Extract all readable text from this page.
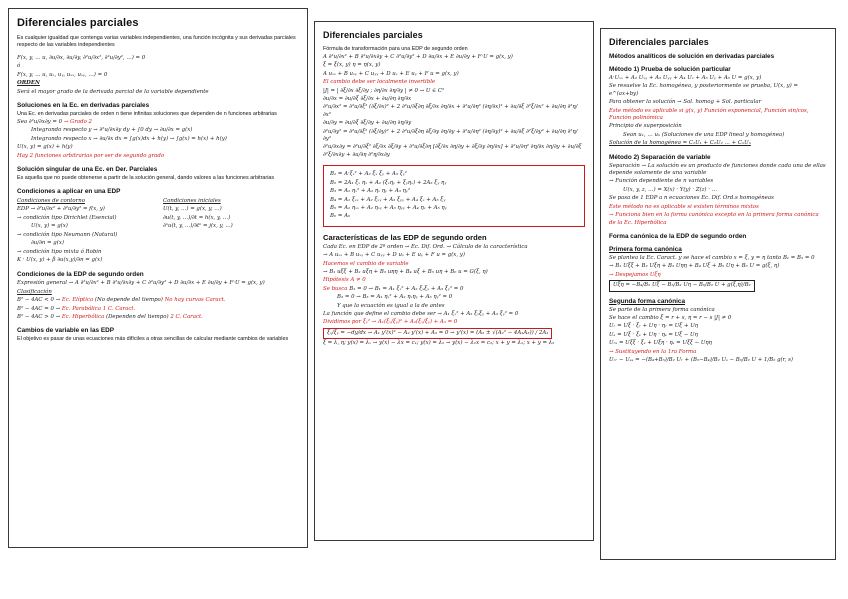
Diferenciales parciales
Es cualquier igualdad que contenga varias variables independientes, una función incógnita y sus derivadas parciales respecto de las variables independientes
F(x, y, … u, ∂u/∂x, ∂u/∂y, ∂²u/∂x², ∂²u/∂y², …) = 0
ó
F(x, y, … u, uₓ, uᵧ, uₓₓ, uₓᵧ, …) = 0
ORDEN
Será el mayor grado de la derivada parcial de la variable dependiente
Soluciones en la Ec. en derivadas parciales
Una Ec. en derivadas parciales de orden n tiene infinitas soluciones que dependen de n funciones arbitrarias
Sea ∂²u/∂x∂y = 0 → Grado 2
Integrando respecto y → ∂²u/∂x∂y dy + ∫0 dy → ∂u/∂x = g(x)
Integrando respecto x → ∂u/∂x dx = ∫g(x)dx + h(y) → ∫g(x) = h(x) + h(y)
U(x, y) = g(x) + h(y)
Hay 2 funciones arbitrarias por ser de segundo grado
Solución singular de una Ec. en Der. Parciales
Es aquella que no puede obtenerse a partir de la solución general, dando valores a las funciones arbitrarias
Condiciones a aplicar en una EDP
Condiciones de contorno
EDP → ∂²u/∂x² + ∂²u/∂y² = f(x, y)
→ condición tipo Dirichlet (Esencial)
U(x, y) = g(x)
→ condición tipo Neumann (Natural)
∂u/∂n = g(x)
→ condición tipo mixta ó Robin
K · U(x, y) + β ∂u(x,y)/∂n = g(x)
Condiciones iniciales
U(t, y, …) = g(x, y, …)
∂u(t, y, …)/∂t = h(x, y, …)
∂ⁿu(t, y, …)/∂tⁿ = j(x, y, …)
Condiciones de la EDP de segundo orden
Expresión general → A ∂²u/∂x² + B ∂²u/∂x∂y + C ∂²u/∂y² + D ∂u/∂x + E ∂u/∂y + F·U = g(x, y)
Clasificación
B² − 4AC < 0 → Ec. Elíptica (No depende del tiempo) No hay curvas Caract.
B² − 4AC = 0 → Ec. Parabólica 1 C. Caract.
B² − 4AC > 0 → Ec. Hiperbólica (Dependen del tiempo) 2 C. Caract.
Cambios de variable en las EDP
El objetivo es pasar de unas ecuaciones más difíciles a otras sencillas de calcular mediante cambios de variables
Diferenciales parciales
Fórmula de transformación para una EDP de segundo orden
A ∂²u/∂x² + B ∂²u/∂x∂y + C ∂²u/∂y² + D ∂u/∂x + E ∂u/∂y + F·U = g(x, y)
ξ = ξ(x, y) η = η(x, y)
A uₓₓ + B uₓᵧ + C uᵧᵧ + D uₓ + E uᵧ + F u = g(x, y)
El cambio debe ser localmente invertible
|J| = | ∂ξ/∂x ∂ξ/∂y ; ∂η/∂x ∂η/∂y | ≠ 0 → U ∈ C²
∂u/∂x = ∂u/∂ξ ∂ξ/∂x + ∂u/∂η ∂η/∂x
∂²u/∂x² = ∂²u/∂ξ² (∂ξ/∂x)² + 2 ∂²u/∂ξ∂η ∂ξ/∂x ∂η/∂x + ∂²u/∂η² (∂η/∂x)² + ∂u/∂ξ ∂²ξ/∂x² + ∂u/∂η ∂²η/∂x²
∂u/∂y = ∂u/∂ξ ∂ξ/∂y + ∂u/∂η ∂η/∂y
∂²u/∂y² = ∂²u/∂ξ² (∂ξ/∂y)² + 2 ∂²u/∂ξ∂η ∂ξ/∂y ∂η/∂y + ∂²u/∂η² (∂η/∂y)² + ∂u/∂ξ ∂²ξ/∂y² + ∂u/∂η ∂²η/∂y²
∂²u/∂x∂y = ∂²u/∂ξ² ∂ξ/∂x ∂ξ/∂y + ∂²u/∂ξ∂η [∂ξ/∂x ∂η/∂y + ∂ξ/∂y ∂η/∂x] + ∂²u/∂η² ∂η/∂x ∂η/∂y + ∂u/∂ξ ∂²ξ/∂x∂y + ∂u/∂η ∂²η/∂x∂y
B₁ = A·ξₓ² + A₂ ξₓ ξᵧ + A₃ ξᵧ²
B₂ = 2A₁ ξₓ ηₓ + A₂ (ξₓηᵧ + ξᵧηₓ) + 2A₃ ξᵧ ηᵧ
B₃ = A₁ ηₓ² + A₂ ηₓ ηᵧ + A₃ ηᵧ²
B₄ = A₁ ξₓₓ + A₂ ξₓᵧ + A₃ ξᵧᵧ + A₄ ξₓ + A₅ ξᵧ
B₅ = A₁ ηₓₓ + A₂ ηₓᵧ + A₃ ηᵧᵧ + A₄ ηₓ + A₅ ηᵧ
B₆ = A₆
Características de las EDP de segundo orden
Cada Ec. en EDP de 2º orden → Ec. Dif. Ord. → Cálculo de la característica
→ A uₓₓ + B uₓᵧ + C uᵧᵧ + D uₓ + E uᵧ + F u = g(x, y)
Hacemos el cambio de variable
→ B₁ uξξ + B₂ uξη + B₃ uηη + B₄ uξ + B₅ uη + B₆ u = G(ξ, η)
Hipótesis A ≠ 0
Se busca B₁ = 0 → B₁ = A₁ ξₓ² + A₂ ξₓξᵧ + A₃ ξᵧ² = 0
B₃ = 0 → B₃ = A₁ ηₓ² + A₂ ηₓηᵧ + A₃ ηᵧ² = 0
Y que la ecuación es igual a la de antes
La función que define el cambio debe ser → A₁ ξₓ² + A₂ ξₓξᵧ + A₃ ξᵧ² = 0
Dividimos por ξᵧ² → A₁(ξₓ/ξᵧ)² + A₂(ξₓ/ξᵧ) + A₃ = 0
ξₓ/ξᵧ = −dy/dx → A₁ y'(x)² − A₂ y'(x) + A₃ = 0 → y'(x) = (A₂ ± √(A₂² − 4A₁A₃)) / 2A₁
ξ = λ, η; y(x) = λₓ → y(x) − λx = c₁; y(x) = λ₂ → y(x) − λ₂x = c₂; x + y = λ₁; x + y = λ₂
Diferenciales parciales
Métodos analíticos de solución en derivadas parciales
Método 1) Prueba de solución particular
A·Uₓₓ + A₂ Uₓᵧ + A₃ Uᵧᵧ + A₄ Uₓ + A₅ Uᵧ + A₆ U = g(x, y)
Se resuelve la Ec. homogénea, y posteriormente se prueba, U(x, y) = e^(ax+by)
Para obtener la solución → Sol. homog + Sol. particular
Este método es aplicable si g(x, y) Función exponencial, Función sin/cos, Función polinómica
Principio de superposición
Sean u₁, … uₙ (Soluciones de una EDP lineal y homogénea)
Solución de la homogénea = C₁U₁ + C₂U₂ … + CₙUₙ
Método 2) Separación de variable
Separación → La solución es un producto de funciones donde cada una de ellas depende solamente de una variable
→ Función dependiente de n variables
U(x, y, z, …) = X(x) · Y(y) · Z(z) · …
Se pasa de 1 EDP a n ecuaciones Ec. Dif. Ord.s homogéneas
Este método no es aplicable si existen términos mixtos
→ Funciona bien en la forma canónica excepto en la primera forma canónica de la Ec. Hiperbólica
Forma canónica de la EDP de segundo orden
Primera forma canónica
Se plantea la Ec. Caract. y se hace el cambio x = ξ, y = η tanto B₁ = B₃ = 0
→ B₁ Uξξ + B₂ Uξη + B₃ Uηη + B₄ Uξ + B₅ Uη + B₆ U = g(ξ, η)
→ Despejamos Uξη
Uξη = −B₄/B₂ Uξ − B₅/B₂ Uη − B₆/B₂ U + g(ξ,η)/B₂
Segunda forma canónica
Se parte de la primera forma canónica
Se hace el cambio ξ = r + s, η = r − s |J| ≠ 0
Uᵣ = Uξ · ξᵣ + Uη · ηᵣ = Uξ + Uη
Uₛ = Uξ · ξₛ + Uη · ηₛ = Uξ − Uη
Uᵣₛ = Uξξ · ξₛ + Uξη · ηₛ = Uξξ − Uηη
→ Sustituyendo en la 1ra Forma
Uᵣᵣ − Uₛₛ = −(B₄+B₅)/B₂ Uᵣ + (B₅−B₄)/B₂ Uₛ − B₆/B₂ U + 1/B₂ g(r, s)
